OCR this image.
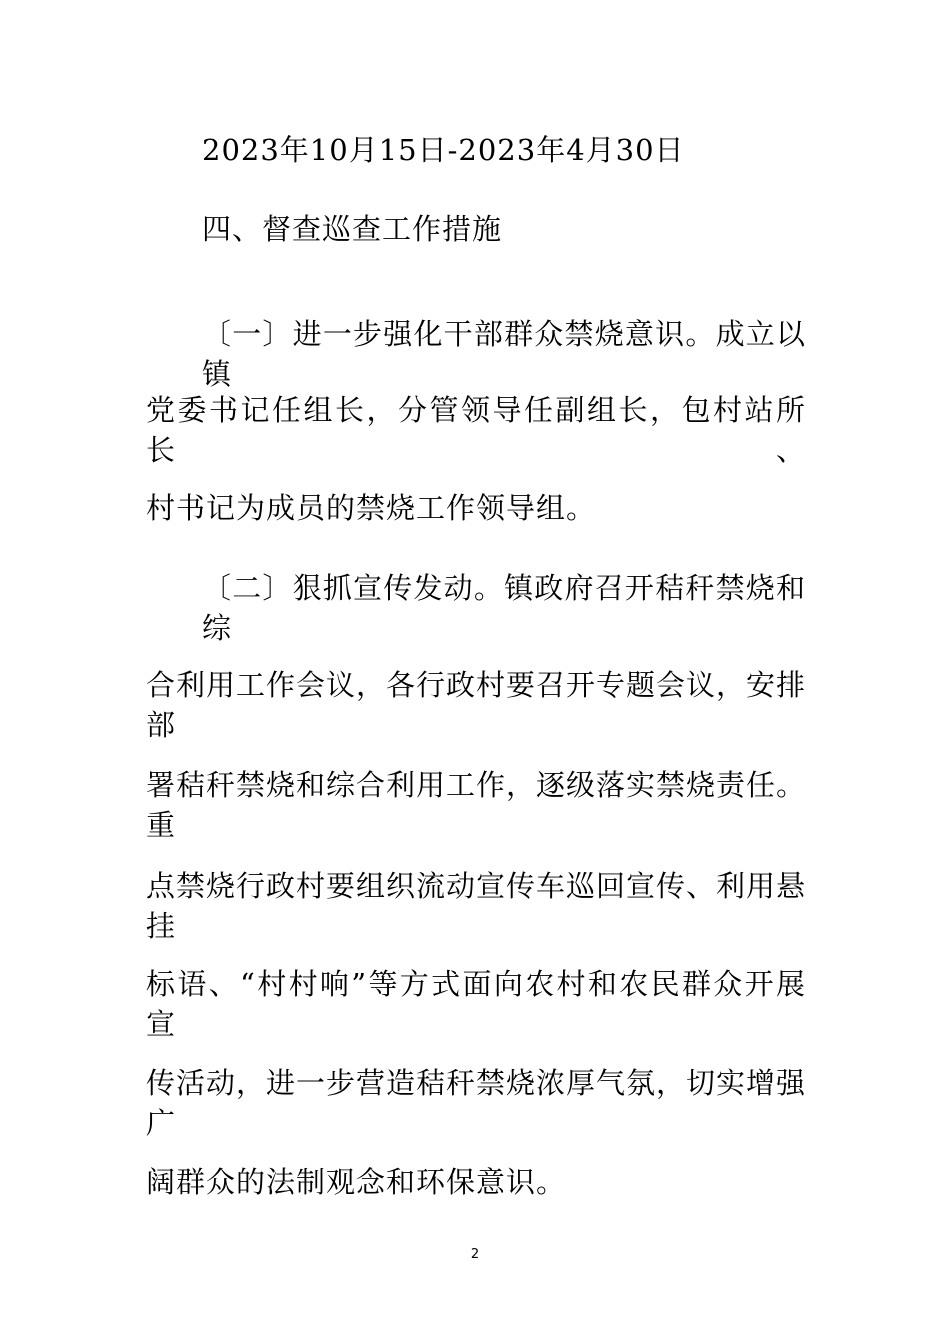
2023年10月15日-2023年4月30日
四、督查巡查工作措施
〔一〕进一步强化干部群众禁烧意识。成立以镇
党委书记任组长，分管领导任副组长，包村站所长、
村书记为成员的禁烧工作领导组。
〔二〕狠抓宣传发动。镇政府召开秸秆禁烧和综
合利用工作会议，各行政村要召开专题会议，安排部
署秸秆禁烧和综合利用工作，逐级落实禁烧责任。重
点禁烧行政村要组织流动宣传车巡回宣传、利用悬挂
标语、“村村响”等方式面向农村和农民群众开展宣
传活动，进一步营造秸秆禁烧浓厚气氛，切实增强广
阔群众的法制观念和环保意识。
2
